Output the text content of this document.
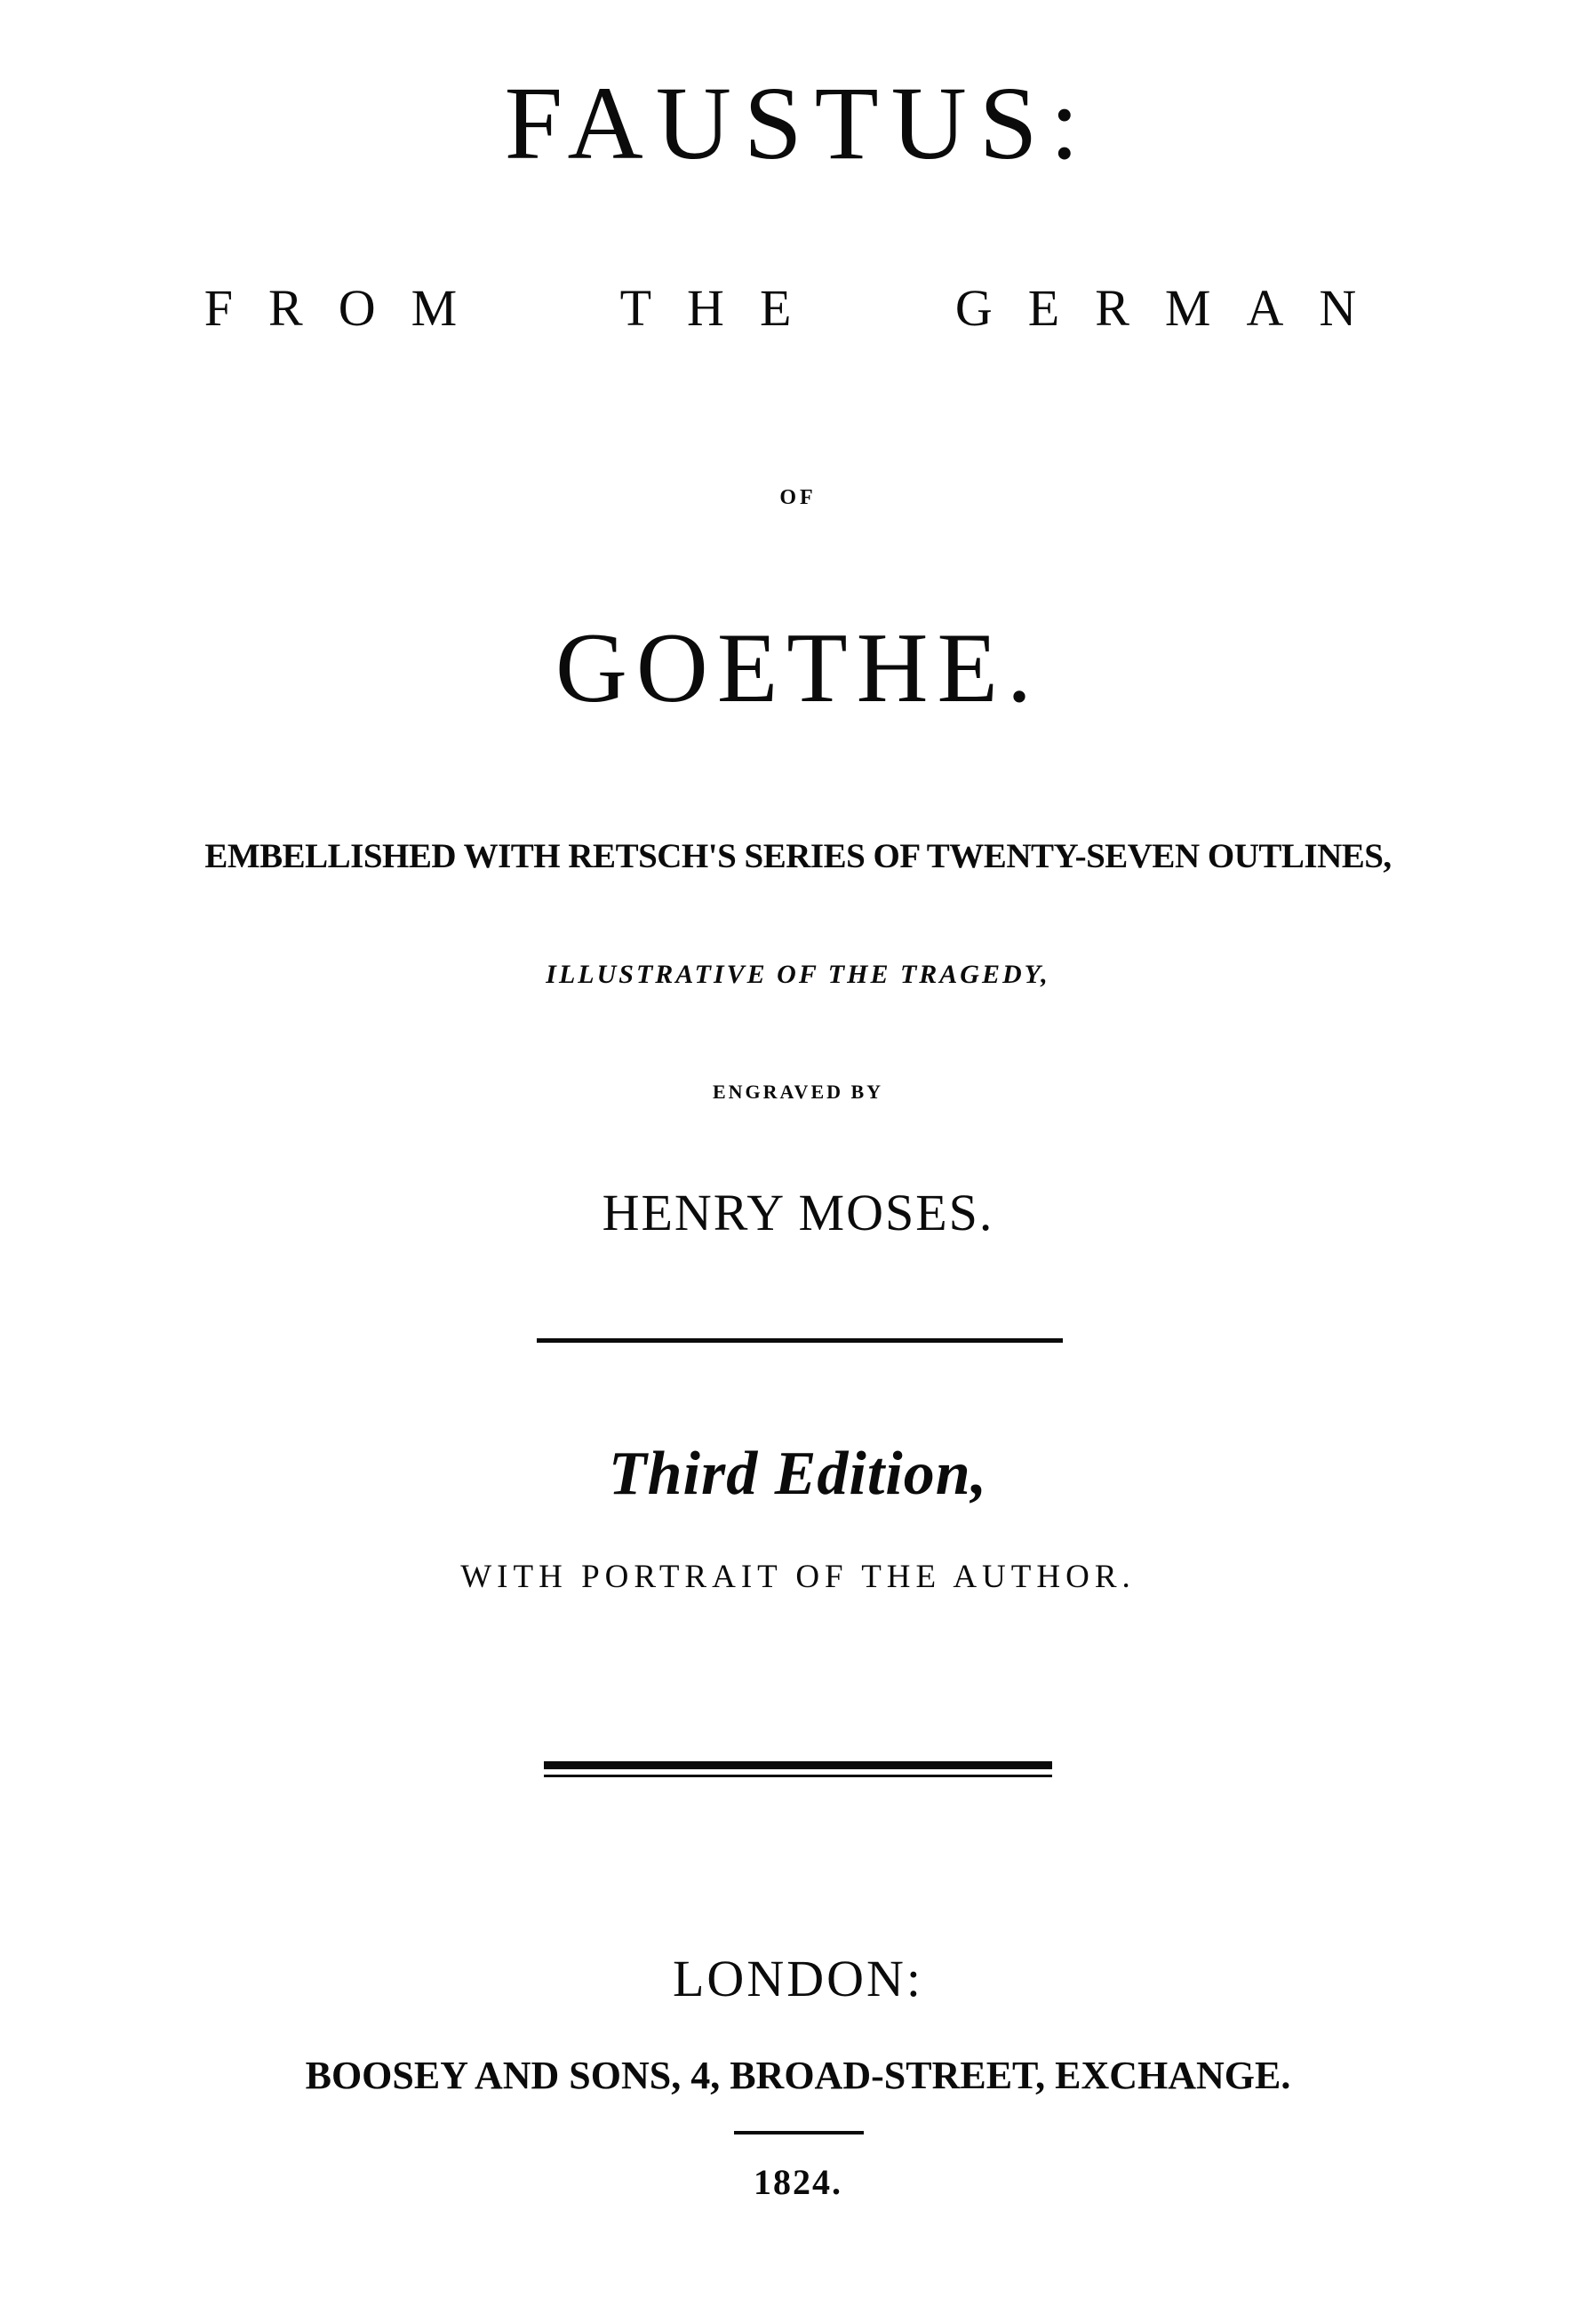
FAUSTUS:
FROM THE GERMAN
OF
GOETHE.
EMBELLISHED WITH RETSCH'S SERIES OF TWENTY-SEVEN OUTLINES,
ILLUSTRATIVE OF THE TRAGEDY,
ENGRAVED BY
HENRY MOSES.
Third Edition,
WITH PORTRAIT OF THE AUTHOR.
LONDON:
BOOSEY AND SONS, 4, BROAD-STREET, EXCHANGE.
1824.
